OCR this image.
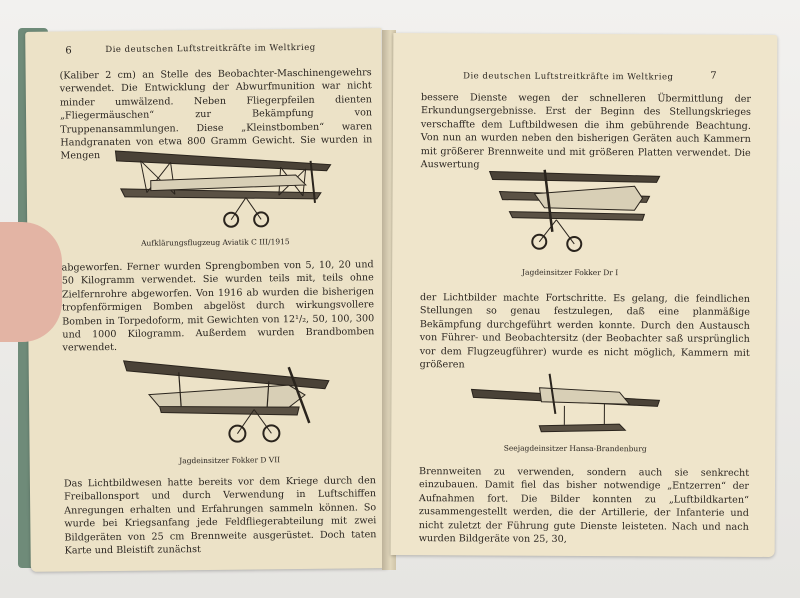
6	Die deutschen Luftstreitkräfte im Weltkrieg

(Kaliber 2 cm) an Stelle des Beobachter-Maschinengewehrs verwendet. Die Entwicklung der Abwurfmunition war nicht minder umwälzend. Neben Fliegerpfeilen dienten „Fliegermäuschen“ zur Bekämpfung von Truppenansammlungen. Diese „Kleinstbomben“ waren Handgranaten von etwa 800 Gramm Gewicht. Sie wurden in Mengen

Aufklärungsflugzeug Aviatik C III/1915

abgeworfen. Ferner wurden Sprengbomben von 5, 10, 20 und 50 Kilogramm verwendet. Sie wurden teils mit, teils ohne Zielfernrohre abgeworfen. Von 1916 ab wurden die bisherigen tropfenförmigen Bomben abgelöst durch wirkungsvollere Bomben in Torpedoform, mit Gewichten von 12¹/₂, 50, 100, 300 und 1000 Kilogramm. Außerdem wurden Brandbomben verwendet.

Jagdeinsitzer Fokker D VII

Das Lichtbildwesen hatte bereits vor dem Kriege durch den Freiballonsport und durch Verwendung in Luftschiffen Anregungen erhalten und Erfahrungen sammeln können. So wurde bei Kriegsanfang jede Feldfliegerabteilung mit zwei Bildgeräten von 25 cm Brennweite ausgerüstet. Doch taten Karte und Bleistift zunächst

Die deutschen Luftstreitkräfte im Weltkrieg	7

bessere Dienste wegen der schnelleren Übermittlung der Erkundungsergebnisse. Erst der Beginn des Stellungskrieges verschaffte dem Luftbildwesen die ihm gebührende Beachtung. Von nun an wurden neben den bisherigen Geräten auch Kammern mit größerer Brennweite und mit größeren Platten verwendet. Die Auswertung

Jagdeinsitzer Fokker Dr I

der Lichtbilder machte Fortschritte. Es gelang, die feindlichen Stellungen so genau festzulegen, daß eine planmäßige Bekämpfung durchgeführt werden konnte. Durch den Austausch von Führer- und Beobachtersitz (der Beobachter saß ursprünglich vor dem Flugzeugführer) wurde es nicht möglich, Kammern mit größeren

Seejagdeinsitzer Hansa-Brandenburg

Brennweiten zu verwenden, sondern auch sie senkrecht einzubauen. Damit fiel das bisher notwendige „Entzerren“ der Aufnahmen fort. Die Bilder konnten zu „Luftbildkarten“ zusammengestellt werden, die der Artillerie, der Infanterie und nicht zuletzt der Führung gute Dienste leisteten. Nach und nach wurden Bildgeräte von 25, 30,
